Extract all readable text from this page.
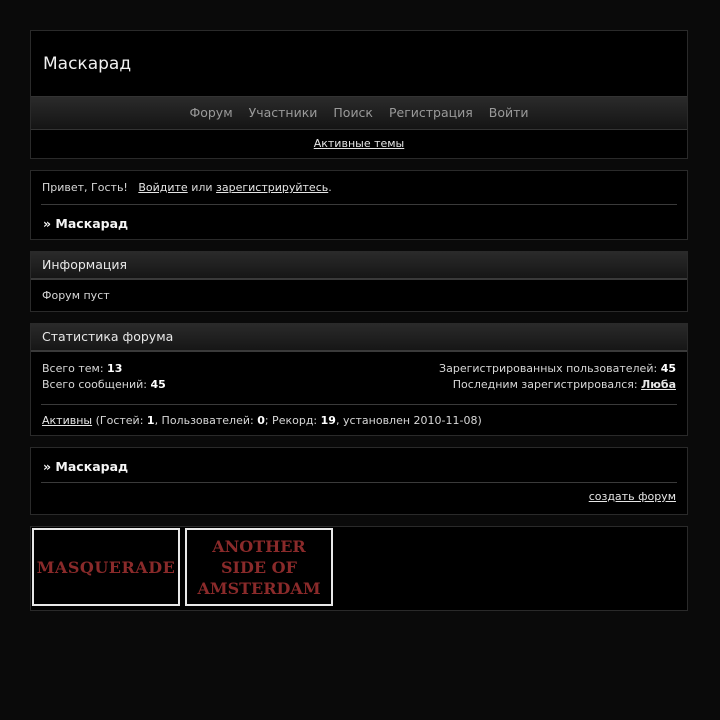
Маскарад
Форум Участники Поиск Регистрация Войти
Активные темы
Привет, Гость! Войдите или зарегистрируйтесь.
» Маскарад
Информация
Форум пуст
Статистика форума
Всего тем: 13
Всего сообщений: 45
Зарегистрированных пользователей: 45
Последним зарегистрировался: Люба
Активны (Гостей: 1, Пользователей: 0; Рекорд: 19, установлен 2010-11-08)
» Маскарад
создать форум
MASQUERADE
ANOTHER
SIDE OF
AMSTERDAM
